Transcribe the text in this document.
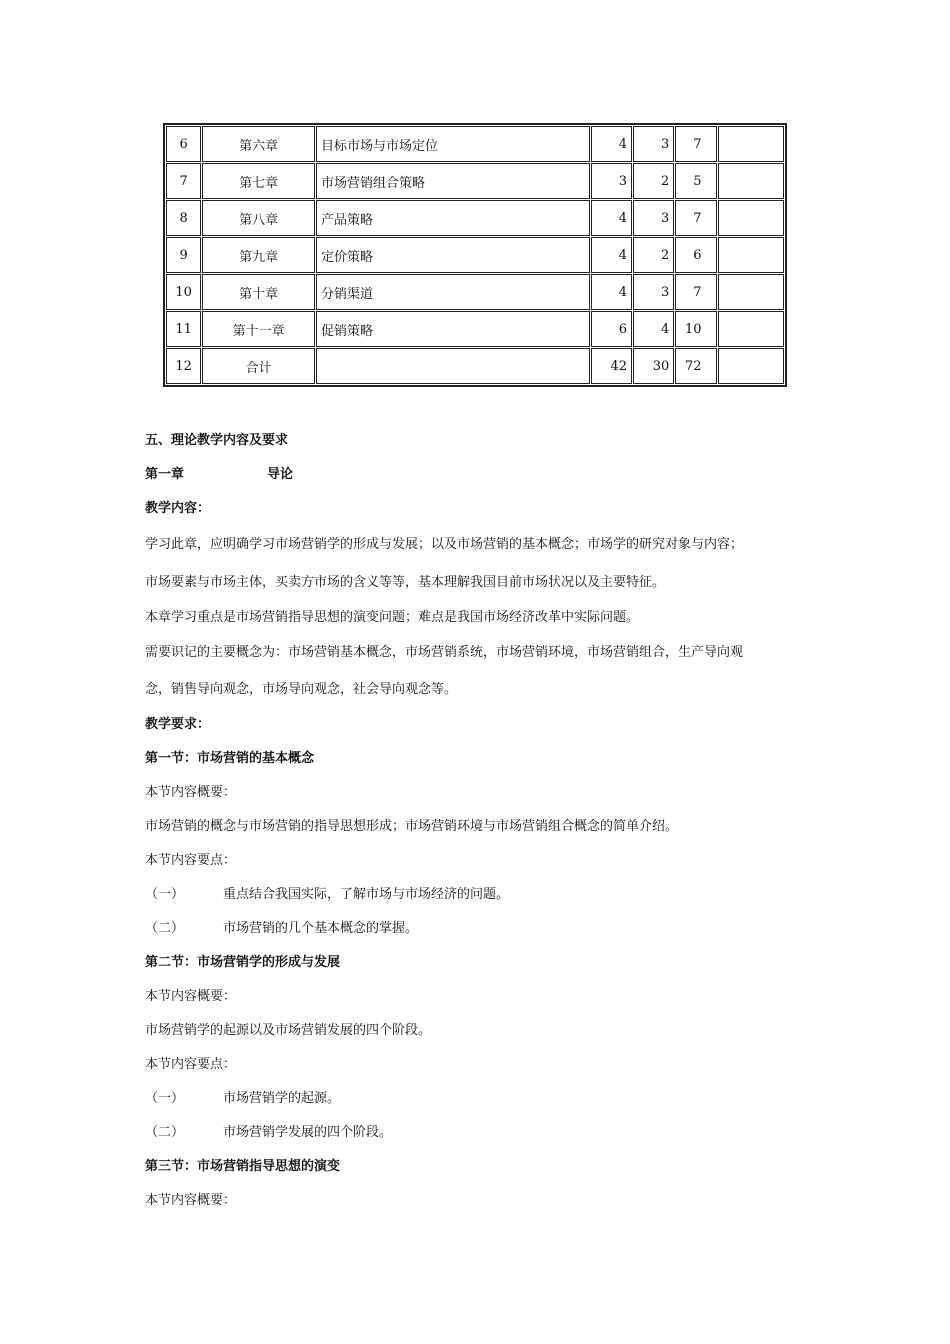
6	第六章	目标市场与市场定位	4	3	7	
7	第七章	市场营销组合策略	3	2	5	
8	第八章	产品策略	4	3	7	
9	第九章	定价策略	4	2	6	
10	第十章	分销渠道	4	3	7	
11	第十一章	促销策略	6	4	10	
12	合计		42	30	72	

五、理论教学内容及要求

第一章	导论

教学内容：

学习此章，应明确学习市场营销学的形成与发展；以及市场营销的基本概念；市场学的研究对象与内容；

市场要素与市场主体，买卖方市场的含义等等，基本理解我国目前市场状况以及主要特征。

本章学习重点是市场营销指导思想的演变问题；难点是我国市场经济改革中实际问题。

需要识记的主要概念为：市场营销基本概念，市场营销系统，市场营销环境，市场营销组合，生产导向观

念，销售导向观念，市场导向观念，社会导向观念等。

教学要求：

第一节：市场营销的基本概念

本节内容概要：

市场营销的概念与市场营销的指导思想形成；市场营销环境与市场营销组合概念的简单介绍。

本节内容要点：

（一）	重点结合我国实际，了解市场与市场经济的问题。

（二）	市场营销的几个基本概念的掌握。

第二节：市场营销学的形成与发展

本节内容概要：

市场营销学的起源以及市场营销发展的四个阶段。

本节内容要点：

（一）	市场营销学的起源。

（二）	市场营销学发展的四个阶段。

第三节：市场营销指导思想的演变

本节内容概要：
